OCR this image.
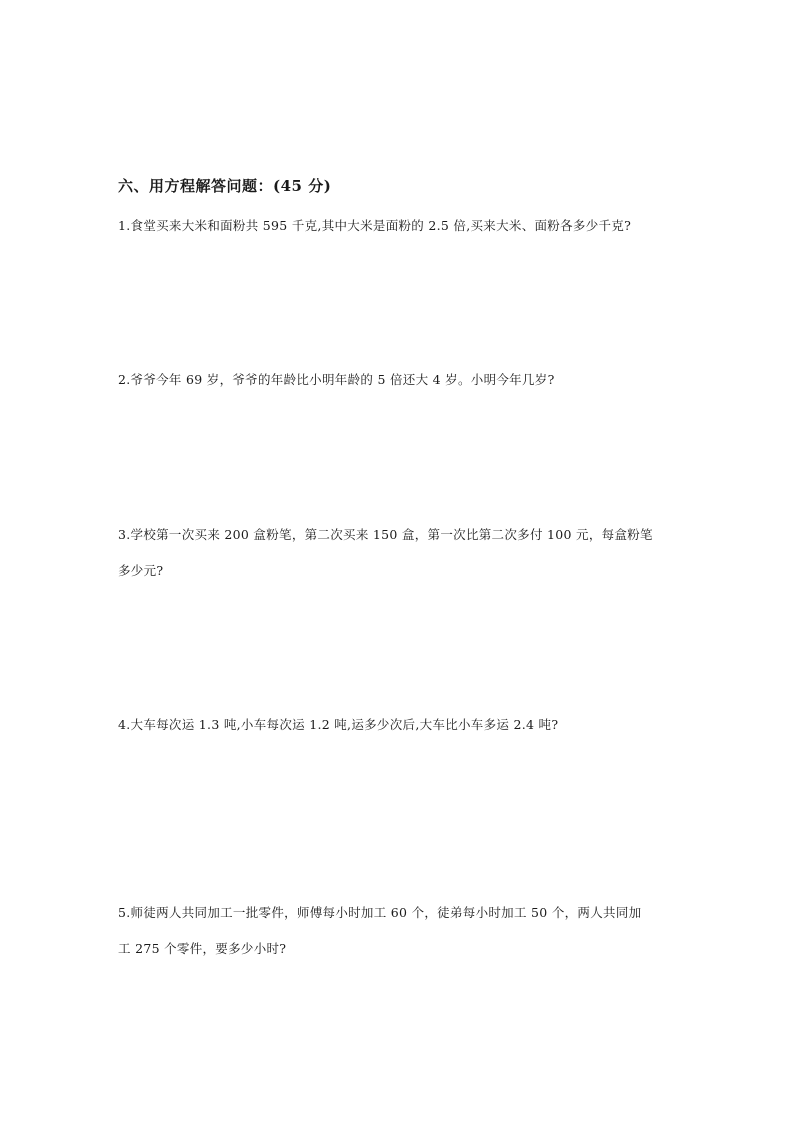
六、用方程解答问题：(45 分)
1.食堂买来大米和面粉共 595 千克,其中大米是面粉的 2.5 倍,买来大米、面粉各多少千克?
2.爷爷今年 69 岁，爷爷的年龄比小明年龄的 5 倍还大 4 岁。小明今年几岁?
3.学校第一次买来 200 盒粉笔，第二次买来 150 盒，第一次比第二次多付 100 元，每盒粉笔
多少元?
4.大车每次运 1.3 吨,小车每次运 1.2 吨,运多少次后,大车比小车多运 2.4 吨?
5.师徒两人共同加工一批零件，师傅每小时加工 60 个，徒弟每小时加工 50 个，两人共同加
工 275 个零件，要多少小时?
